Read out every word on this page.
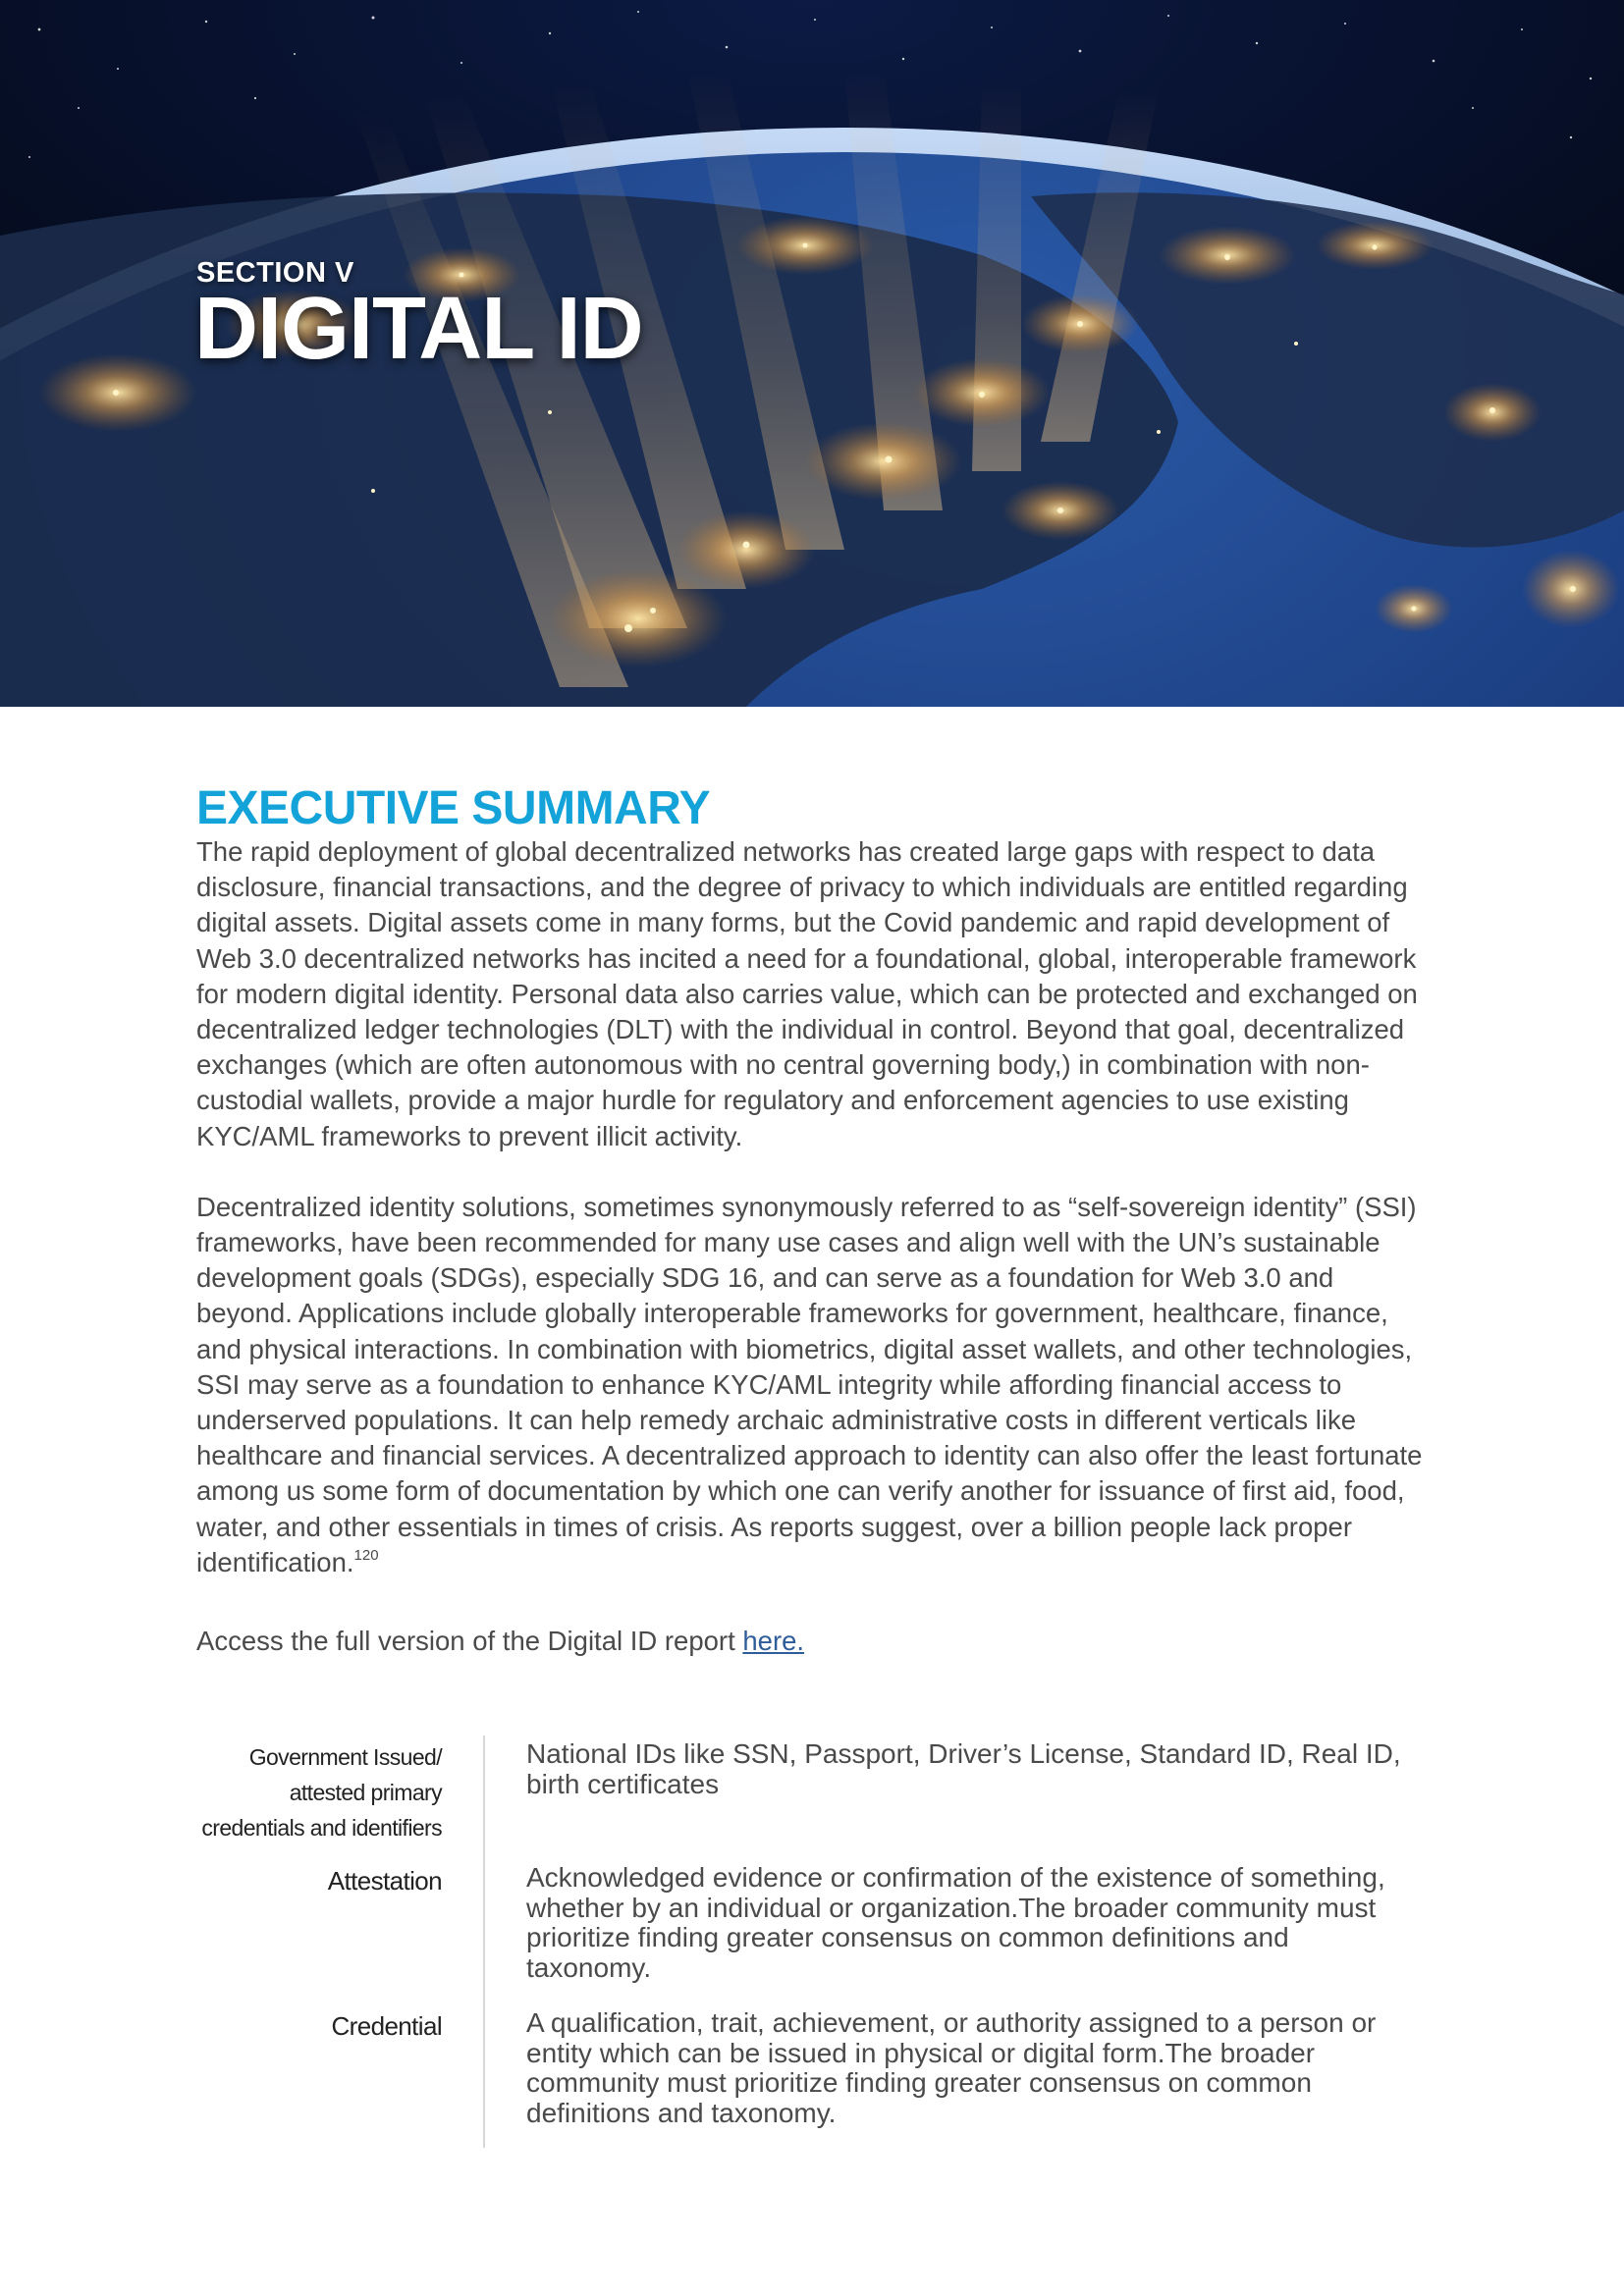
SECTION V
DIGITAL ID
EXECUTIVE SUMMARY

The rapid deployment of global decentralized networks has created large gaps with respect to data disclosure, financial transactions, and the degree of privacy to which individuals are entitled regarding digital assets. Digital assets come in many forms, but the Covid pandemic and rapid development of Web 3.0 decentralized networks has incited a need for a foundational, global, interoperable framework for modern digital identity. Personal data also carries value, which can be protected and exchanged on decentralized ledger technologies (DLT) with the individual in control. Beyond that goal, decentralized exchanges (which are often autonomous with no central governing body,) in combination with non-custodial wallets, provide a major hurdle for regulatory and enforcement agencies to use existing KYC/AML frameworks to prevent illicit activity.

Decentralized identity solutions, sometimes synonymously referred to as “self-sovereign identity” (SSI) frameworks, have been recommended for many use cases and align well with the UN’s sustainable development goals (SDGs), especially SDG 16, and can serve as a foundation for Web 3.0 and beyond. Applications include globally interoperable frameworks for government, healthcare, finance, and physical interactions. In combination with biometrics, digital asset wallets, and other technologies, SSI may serve as a foundation to enhance KYC/AML integrity while affording financial access to underserved populations. It can help remedy archaic administrative costs in different verticals like healthcare and financial services. A decentralized approach to identity can also offer the least fortunate among us some form of documentation by which one can verify another for issuance of first aid, food, water, and other essentials in times of crisis. As reports suggest, over a billion people lack proper identification.$^{120}$

Access the full version of the Digital ID report here.

Government Issued/
attested primary
credentials and identifiers
National IDs like SSN, Passport, Driver’s License, Standard ID, Real ID, birth certificates
Attestation	Acknowledged evidence or confirmation of the existence of something, whether by an individual or organization.The broader community must prioritize finding greater consensus on common definitions and taxonomy.
Credential	A qualification, trait, achievement, or authority assigned to a person or entity which can be issued in physical or digital form.The broader community must prioritize finding greater consensus on common definitions and taxonomy.
